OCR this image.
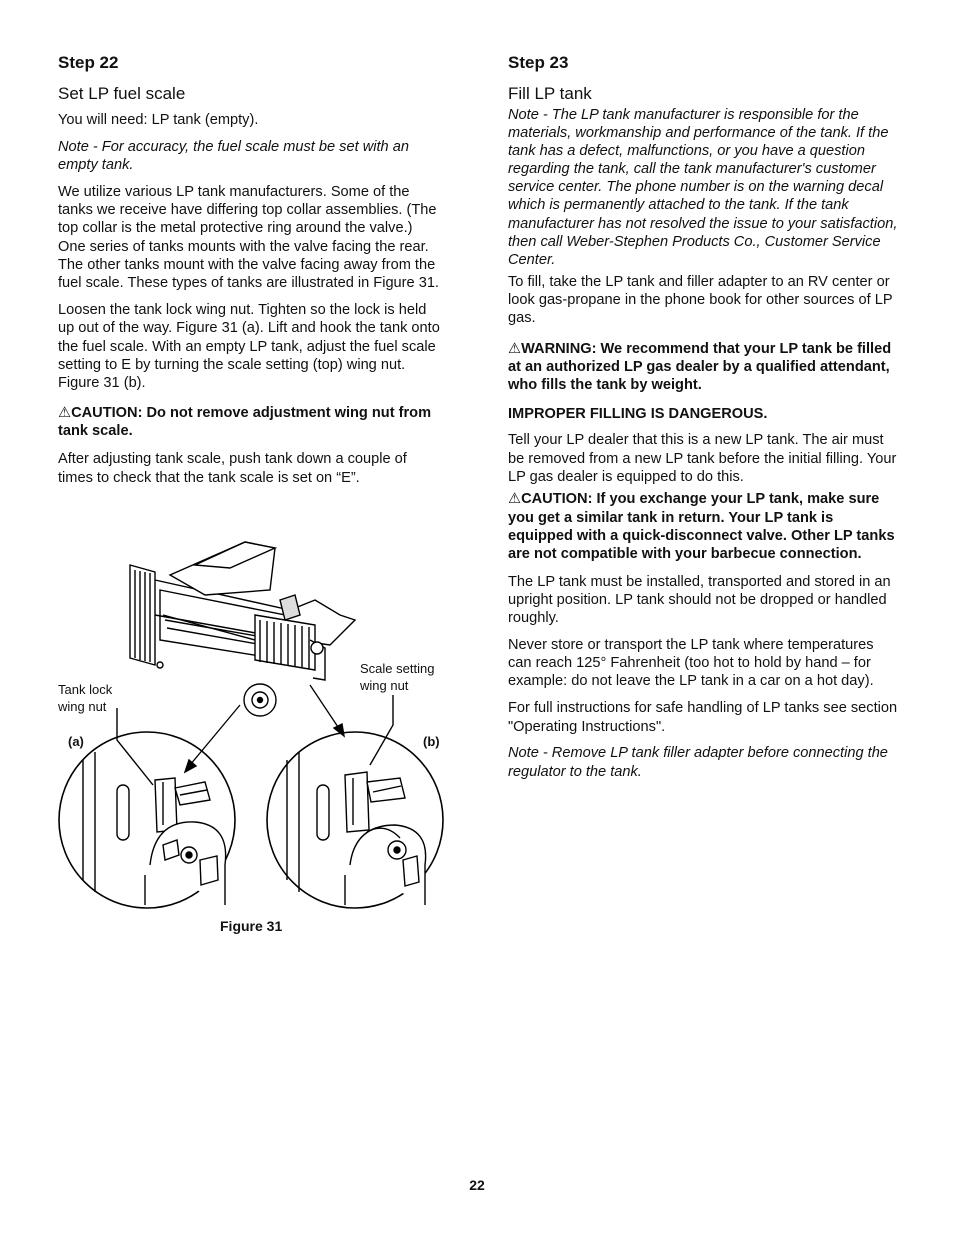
Step 22
Set LP fuel scale

You will need: LP tank (empty).

Note - For accuracy, the fuel scale must be set with an empty tank.

We utilize various LP tank manufacturers. Some of the tanks we receive have differing top collar assemblies. (The top collar is the metal protective ring around the valve.) One series of tanks mounts with the valve facing the rear. The other tanks mount with the valve facing away from the fuel scale. These types of tanks are illustrated in Figure 31.

Loosen the tank lock wing nut. Tighten so the lock is held up out of the way. Figure 31 (a). Lift and hook the tank onto the fuel scale. With an empty LP tank, adjust the fuel scale setting to E by turning the scale setting (top) wing nut. Figure 31 (b).

⚠CAUTION: Do not remove adjustment wing nut from tank scale.

After adjusting tank scale, push tank down a couple of times to check that the tank scale is set on “E”.

Tank lock
wing nut
Scale setting
wing nut
(a)	(b)
Figure 31
Step 23
Fill LP tank

Note - The LP tank manufacturer is responsible for the materials, workmanship and performance of the tank. If the tank has a defect, malfunctions, or you have a question regarding the tank, call the tank manufacturer's customer service center. The phone number is on the warning decal which is permanently attached to the tank. If the tank manufacturer has not resolved the issue to your satisfaction, then call Weber-Stephen Products Co., Customer Service Center.

To fill, take the LP tank and filler adapter to an RV center or look gas-propane in the phone book for other sources of LP gas.

⚠WARNING: We recommend that your LP tank be filled at an authorized LP gas dealer by a qualified attendant, who fills the tank by weight.

IMPROPER FILLING IS DANGEROUS.

Tell your LP dealer that this is a new LP tank. The air must be removed from a new LP tank before the initial filling. Your LP gas dealer is equipped to do this.

⚠CAUTION: If you exchange your LP tank, make sure you get a similar tank in return. Your LP tank is equipped with a quick-disconnect valve. Other LP tanks are not compatible with your barbecue connection.

The LP tank must be installed, transported and stored in an upright position. LP tank should not be dropped or handled roughly.

Never store or transport the LP tank where temperatures can reach 125° Fahrenheit (too hot to hold by hand – for example: do not leave the LP tank in a car on a hot day).

For full instructions for safe handling of LP tanks see section "Operating Instructions".

Note - Remove LP tank filler adapter before connecting the regulator to the tank.

22
